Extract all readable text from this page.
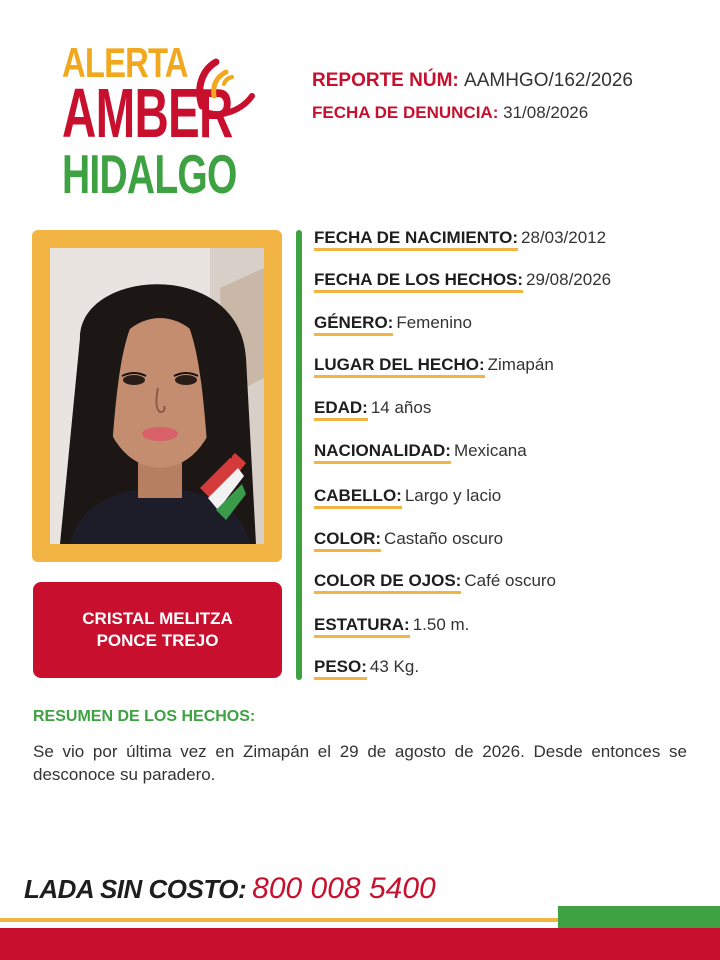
ALERTA
AMBER
HIDALGO
REPORTE NÚM: AAMHGO/162/2026
FECHA DE DENUNCIA: 31/08/2026
CRISTAL MELITZA
PONCE TREJO
FECHA DE NACIMIENTO: 28/03/2012
FECHA DE LOS HECHOS: 29/08/2026
GÉNERO: Femenino
LUGAR DEL HECHO: Zimapán
EDAD: 14 años
NACIONALIDAD: Mexicana
CABELLO: Largo y lacio
COLOR: Castaño oscuro
COLOR DE OJOS: Café oscuro
ESTATURA: 1.50 m.
PESO: 43 Kg.
RESUMEN DE LOS HECHOS:
Se vio por última vez en Zimapán el 29 de agosto de 2026. Desde entonces se desconoce su paradero.
LADA SIN COSTO: 800 008 5400
